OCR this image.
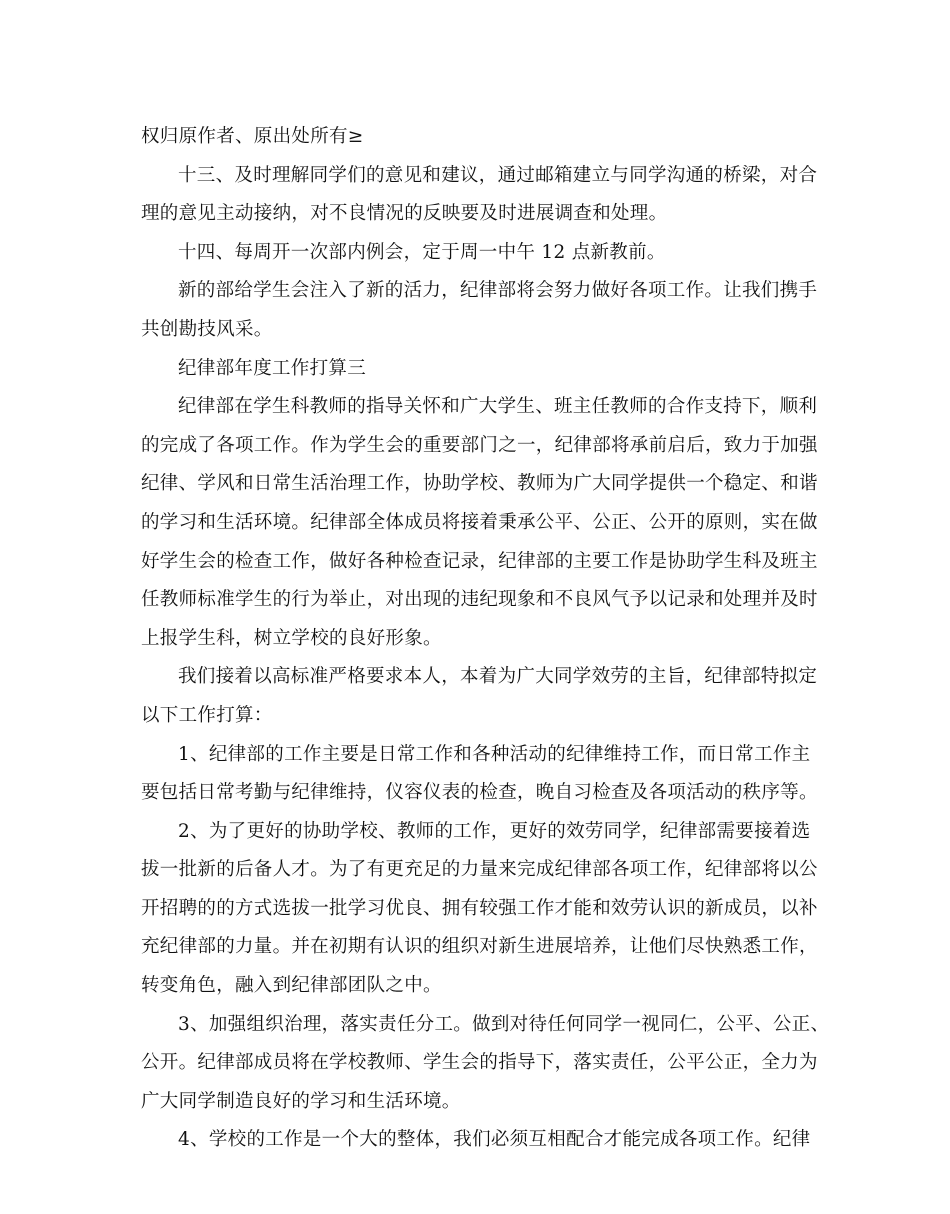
权归原作者、原出处所有≥
十三、及时理解同学们的意见和建议，通过邮箱建立与同学沟通的桥梁，对合
理的意见主动接纳，对不良情况的反映要及时进展调查和处理。
十四、每周开一次部内例会，定于周一中午 12 点新教前。
新的部给学生会注入了新的活力，纪律部将会努力做好各项工作。让我们携手
共创勘技风采。
纪律部年度工作打算三
纪律部在学生科教师的指导关怀和广大学生、班主任教师的合作支持下，顺利
的完成了各项工作。作为学生会的重要部门之一，纪律部将承前启后，致力于加强
纪律、学风和日常生活治理工作，协助学校、教师为广大同学提供一个稳定、和谐
的学习和生活环境。纪律部全体成员将接着秉承公平、公正、公开的原则，实在做
好学生会的检查工作，做好各种检查记录，纪律部的主要工作是协助学生科及班主
任教师标准学生的行为举止，对出现的违纪现象和不良风气予以记录和处理并及时
上报学生科，树立学校的良好形象。
我们接着以高标准严格要求本人，本着为广大同学效劳的主旨，纪律部特拟定
以下工作打算：
1、纪律部的工作主要是日常工作和各种活动的纪律维持工作，而日常工作主
要包括日常考勤与纪律维持，仪容仪表的检查，晚自习检查及各项活动的秩序等。
2、为了更好的协助学校、教师的工作，更好的效劳同学，纪律部需要接着选
拔一批新的后备人才。为了有更充足的力量来完成纪律部各项工作，纪律部将以公
开招聘的的方式选拔一批学习优良、拥有较强工作才能和效劳认识的新成员，以补
充纪律部的力量。并在初期有认识的组织对新生进展培养，让他们尽快熟悉工作，
转变角色，融入到纪律部团队之中。
3、加强组织治理，落实责任分工。做到对待任何同学一视同仁，公平、公正、
公开。纪律部成员将在学校教师、学生会的指导下，落实责任，公平公正，全力为
广大同学制造良好的学习和生活环境。
4、学校的工作是一个大的整体，我们必须互相配合才能完成各项工作。纪律
